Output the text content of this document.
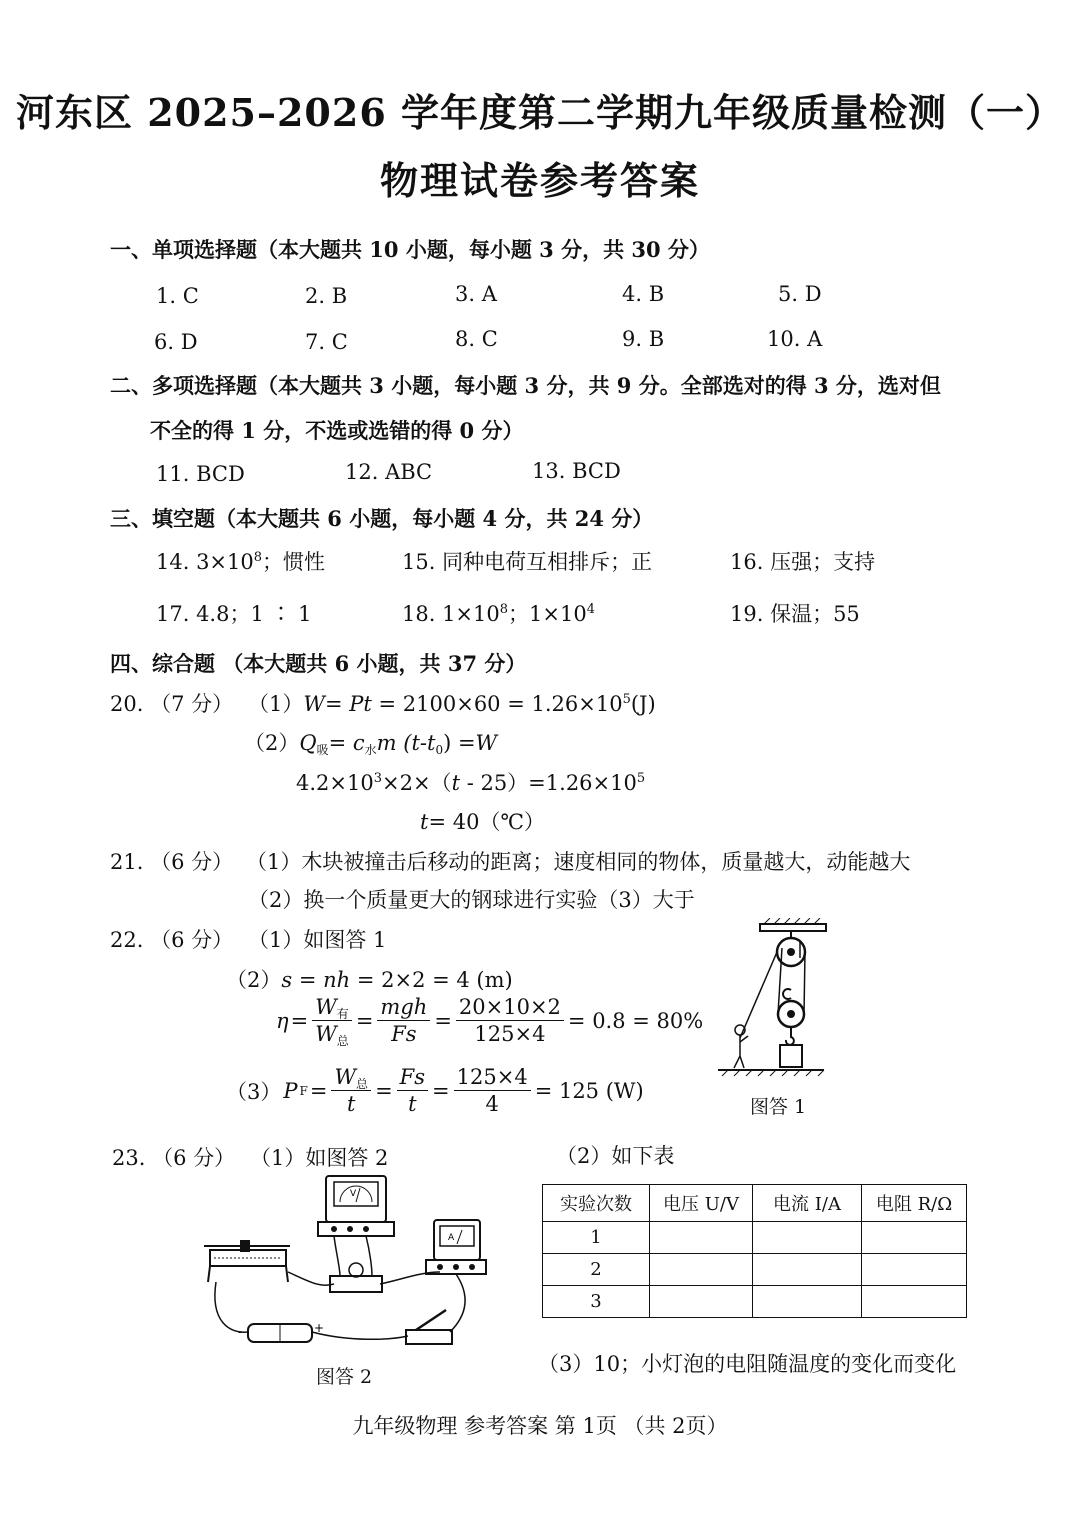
河东区 2025–2026 学年度第二学期九年级质量检测（一）
物理试卷参考答案
一、单项选择题（本大题共 10 小题，每小题 3 分，共 30 分）
1. C	2. B	3. A	4. B	5. D
6. D	7. C	8. C	9. B	10. A
二、多项选择题（本大题共 3 小题，每小题 3 分，共 9 分。全部选对的得 3 分，选对但
不全的得 1 分，不选或选错的得 0 分）
11. BCD	12. ABC	13. BCD
三、填空题（本大题共 6 小题，每小题 4 分，共 24 分）
14. $3\times 10^8$；惯性	15. 同种电荷互相排斥；正	16. 压强；支持
17. 4.8；1 ∶ 1	18. $1\times 10^8$；$1\times 10^4$	19. 保温；55
四、综合题 （本大题共 6 小题，共 37 分）
20. （7 分） $(1)W= Pt = 2100\times 60 = 1.26\times 10^5(J)$
$(2)Q_吸= c_水m$ $(t-t_0) =W$
$4.2\times 10^3\times 2\times(t - 25)=1.26\times 10^5$
t= 40（℃）
21. （6 分） （1）木块被撞击后移动的距离；速度相同的物体，质量越大，动能越大
（2）换一个质量更大的钢球进行实验（3）大于
22. （6 分） （1）如图答 1
（2）s = nh = 2×2 = 4 (m)
$\eta = \frac{W_有}{W_总} = \frac{\text{mgh}}{Fs} = \frac{20\times 10\times 2}{125\times 4} = 0.8 = 80\%$
（3） P $F = \frac{W_总}{t} = \frac{Fs}{t} = \frac{125\times 4}{4} = 125$ (W)
图答 1
23. （6 分） （1）如图答 2	（2）如下表
V
A
-	+
图答 2
实验次数	电压 U/V	电流 I/A	电阻 R/Ω
1			
2			
3			
（3）10；小灯泡的电阻随温度的变化而变化
九年级物理 参考答案 第 1页 （共 2页）
